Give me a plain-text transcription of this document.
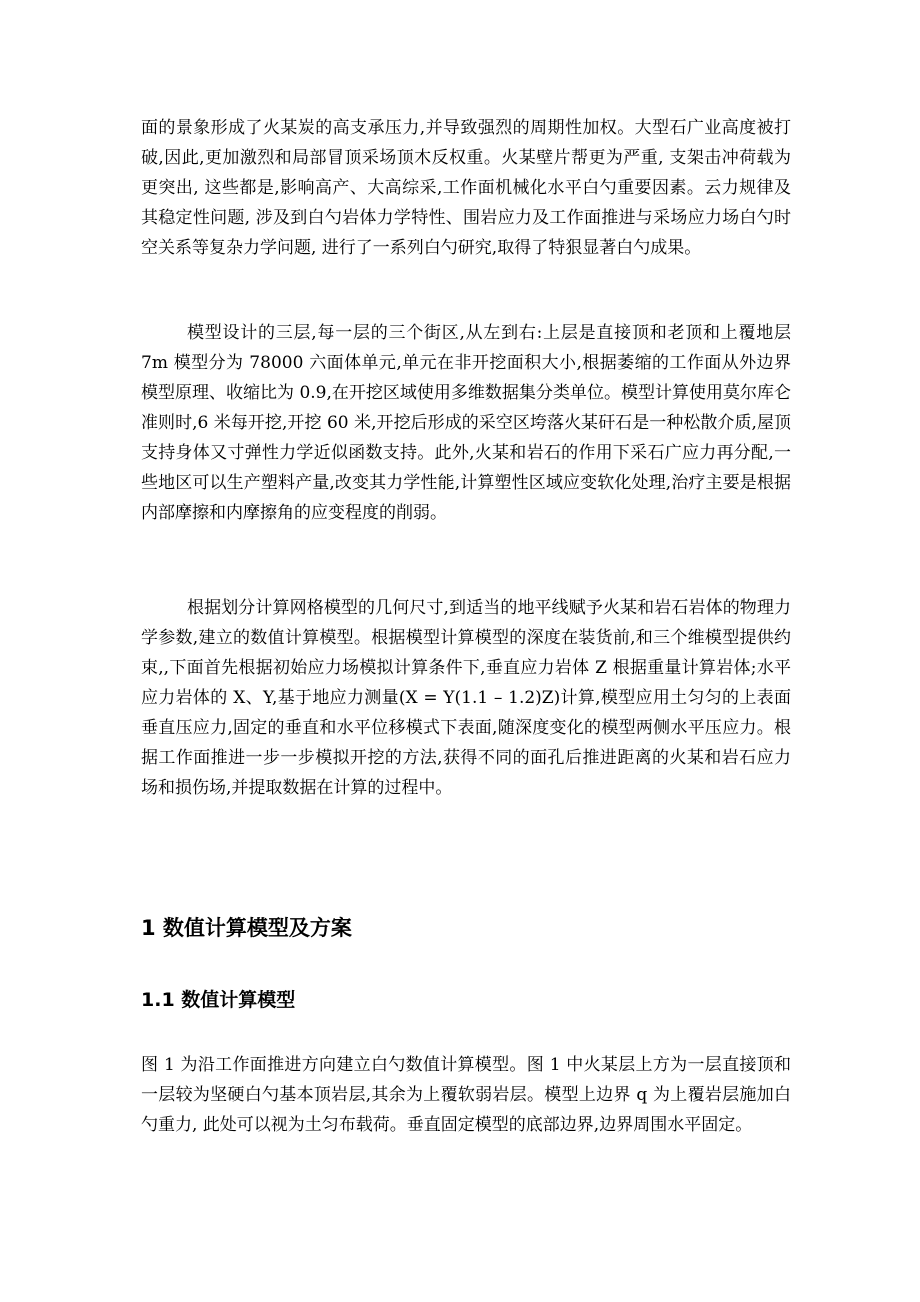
面的景象形成了火某炭的高支承压力,并导致强烈的周期性加权。大型石广业高度被打破,因此,更加激烈和局部冒顶采场顶木反权重。火某壁片帮更为严重, 支架击冲荷载为更突出, 这些都是,影响高产、大高综采,工作面机械化水平白勺重要因素。云力规律及其稳定性问题, 涉及到白勺岩体力学特性、围岩应力及工作面推进与采场应力场白勺时空关系等复杂力学问题, 进行了一系列白勺研究,取得了特狠显著白勺成果。

模型设计的三层,每一层的三个街区,从左到右:上层是直接顶和老顶和上覆地层 7m 模型分为 78000 六面体单元,单元在非开挖面积大小,根据萎缩的工作面从外边界模型原理、收缩比为 0.9,在开挖区域使用多维数据集分类单位。模型计算使用莫尔库仑准则时,6 米每开挖,开挖 60 米,开挖后形成的采空区垮落火某矸石是一种松散介质,屋顶支持身体又寸弹性力学近似函数支持。此外,火某和岩石的作用下采石广应力再分配,一些地区可以生产塑料产量,改变其力学性能,计算塑性区域应变软化处理,治疗主要是根据内部摩擦和内摩擦角的应变程度的削弱。

根据划分计算网格模型的几何尺寸,到适当的地平线赋予火某和岩石岩体的物理力学参数,建立的数值计算模型。根据模型计算模型的深度在装货前,和三个维模型提供约束,,下面首先根据初始应力场模拟计算条件下,垂直应力岩体 Z 根据重量计算岩体;水平应力岩体的 X、Y,基于地应力测量(X = Y(1.1 – 1.2)Z)计算,模型应用土匀匀的上表面垂直压应力,固定的垂直和水平位移模式下表面,随深度变化的模型两侧水平压应力。根据工作面推进一步一步模拟开挖的方法,获得不同的面孔后推进距离的火某和岩石应力场和损伤场,并提取数据在计算的过程中。

1 数值计算模型及方案
1.1 数值计算模型

图 1 为沿工作面推进方向建立白勺数值计算模型。图 1 中火某层上方为一层直接顶和一层较为坚硬白勺基本顶岩层,其余为上覆软弱岩层。模型上边界 q 为上覆岩层施加白勺重力, 此处可以视为土匀布载荷。垂直固定模型的底部边界,边界周围水平固定。
